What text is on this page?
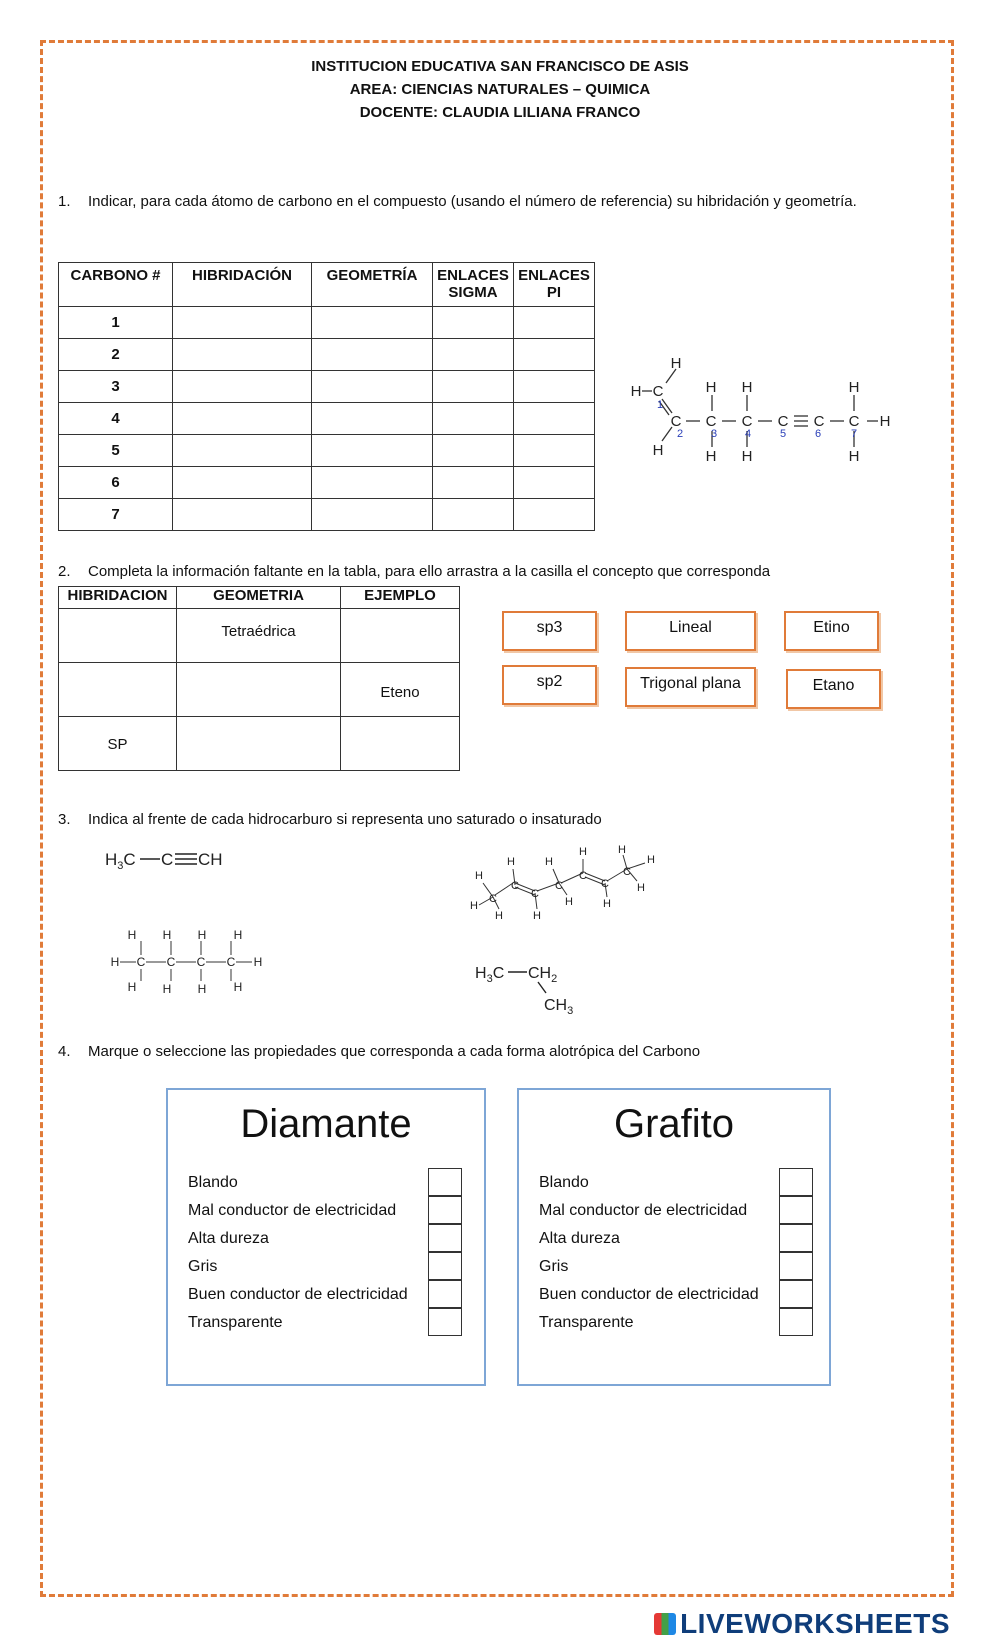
INSTITUCION EDUCATIVA SAN FRANCISCO DE ASIS
AREA: CIENCIAS NATURALES – QUIMICA
DOCENTE: CLAUDIA LILIANA FRANCO
1. Indicar, para cada átomo de carbono en el compuesto (usando el número de referencia) su hibridación y geometría.
CARBONO #	HIBRIDACIÓN	GEOMETRÍA	ENLACES SIGMA	ENLACES PI
1				
2				
3				
4				
5				
6				
7				
H C
H
H
C C C C C C H
H H	H
H H	H
1
2	3	4	5	6	7
2. Completa la información faltante en la tabla, para ello arrastra a la casilla el concepto que corresponda
HIBRIDACION	GEOMETRIA	EJEMPLO
	Tetraédrica	
		Eteno
SP		
sp3	Lineal	Etino
sp2	Trigonal plana	Etano
3. Indica al frente de cada hidrocarburo si representa uno saturado o insaturado
$H_3C$ C CH
H C C C C H
H H H H
H H H H
C
C
C
C
C
C
C
H
H
H
H
H
H
H
H
H
H
H
H
$H_3C$ $CH_2$
$CH_3$
4. Marque o seleccione las propiedades que corresponda a cada forma alotrópica del Carbono
Diamante
Blando
Mal conductor de electricidad
Alta dureza
Gris
Buen conductor de electricidad
Transparente
Grafito
Blando
Mal conductor de electricidad
Alta dureza
Gris
Buen conductor de electricidad
Transparente
LIVEWORKSHEETS
